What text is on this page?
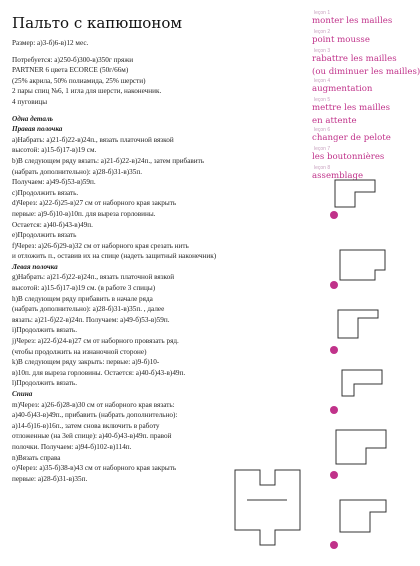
Пальто с капюшоном
Размер: а)3-б)6-в)12 мес.
Потребуется: а)250-б)300-в)350г пряжи
PARTNER 6 цвета ECORCE (50г/66м)
(25% акрила, 50% полиамида, 25% шерсти)
2 пары спиц №6, 1 игла для шерсти, наконечник.
4 пуговицы
Одна деталь
Правая полочка
а)Набрать: а)21-б)22-в)24п., вязать платочной вязкой
высотой: а)15-б)17-в)19 см.
b)В следующем ряду вязать: а)21-б)22-в)24п., затем прибавить
(набрать дополнительно): а)28-б)31-в)35п.
Получаем: а)49-б)53-в)59п.
с)Продолжить вязать.
d)Через: а)22-б)25-в)27 см от наборного края закрыть
первые: а)9-б)10-в)10п. для выреза горловины.
Остается: а)40-б)43-в)49п.
е)Продолжить вязать
f)Через: а)26-б)29-в)32 см от наборного края срезать нить
и отложить п., оставив их на спице (надеть защитный наконечник)
Левая полочка
g)Набрать: а)21-б)22-в)24п., вязать платочной вязкой
высотой: а)15-б)17-в)19 см. (в работе 3 спицы)
h)В следующем ряду прибавить в начале ряда
(набрать дополнительно): а)28-б)31-в)35п. , далее
вязать: а)21-б)22-в)24п. Получаем: а)49-б)53-в)59п.
i)Продолжить вязать.
j)Через: а)22-б)24-в)27 см от наборного провязать ряд.
(чтобы продолжить на изнаночной стороне)
k)В следующем ряду закрыть: первые: а)9-б)10-
в)10п. для выреза горловины. Остается: а)40-б)43-в)49п.
l)Продолжить вязать.
Спина
m)Через: а)26-б)28-в)30 см от наборного края вязать:
а)40-б)43-в)49п., прибавить (набрать дополнительно):
а)14-б)16-в)16п., затем снова включить в работу
отложенные (на 3ей спице): а)40-б)43-в)49п. правой
полочки. Получаем: а)94-б)102-в)114п.
n)Вязать справа
о)Через: а)35-б)38-в)43 см от наборного края закрыть
первые: а)28-б)31-в)35п.
leçon 1
monter les mailles
leçon 2
point mousse
leçon 3
rabattre les mailles
(ou diminuer les mailles)
leçon 4
augmentation
leçon 5
mettre les mailles
en attente
leçon 6
changer de pelote
leçon 7
les boutonnières
leçon 8
assemblage
